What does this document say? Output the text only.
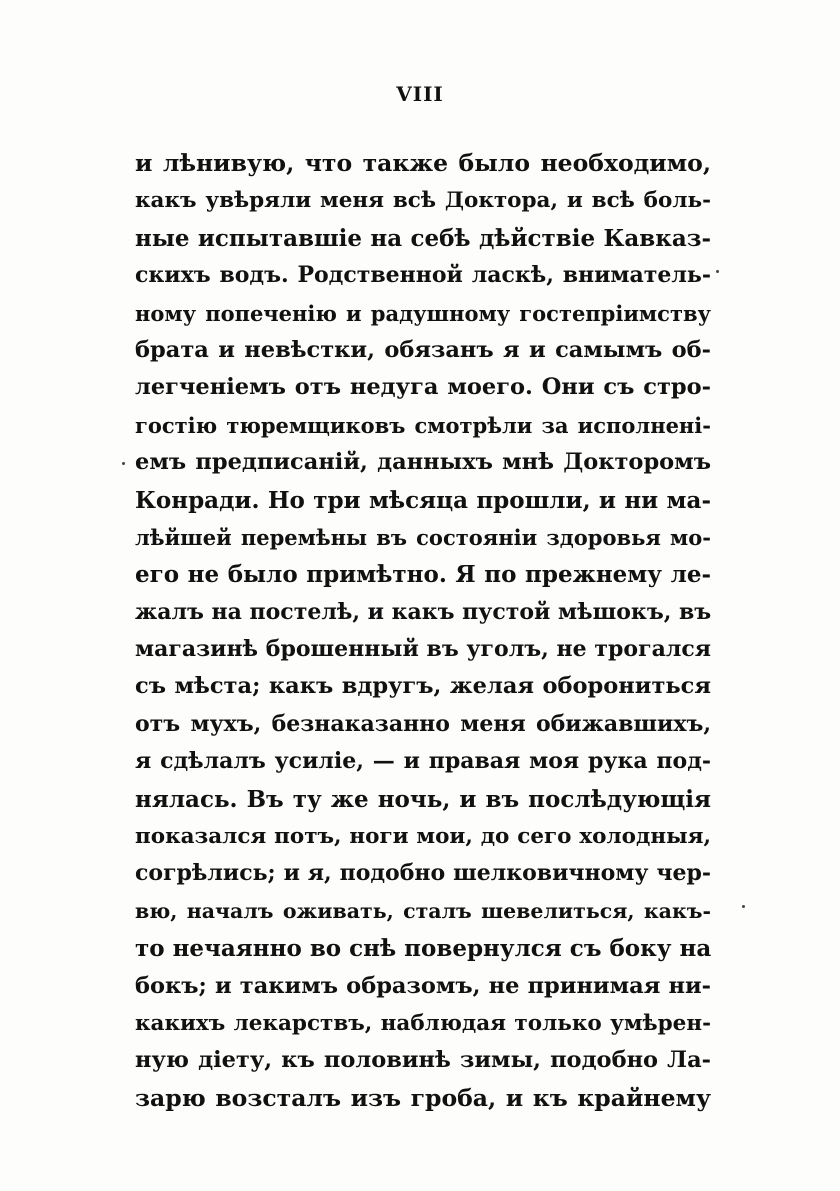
VIII
и лѣнивую, что также было необходимо,
какъ увѣряли меня всѣ Доктора, и всѣ боль-
ные испытавшіе на себѣ дѣйствіе Кавказ-
скихъ водъ. Родственной ласкѣ, вниматель-
ному попеченію и радушному гостепріимству
брата и невѣстки, обязанъ я и самымъ об-
легченіемъ отъ недуга моего. Они съ стро-
гостію тюремщиковъ смотрѣли за исполненi-
емъ предписаній, данныхъ мнѣ Докторомъ
Конради. Но три мѣсяца прошли, и ни ма-
лѣйшей перемѣны въ состояніи здоровья мо-
его не было примѣтно. Я по прежнему ле-
жалъ на постелѣ, и какъ пустой мѣшокъ, въ
магазинѣ брошенный въ уголъ, не трогался
съ мѣста; какъ вдругъ, желая оборониться
отъ мухъ, безнаказанно меня обижавшихъ,
я сдѣлалъ усиліе, — и правая моя рука под-
нялась. Въ ту же ночь, и въ послѣдующія
показался потъ, ноги мои, до сего холодныя,
согрѣлись; и я, подобно шелковичному чер-
вю, началъ оживать, сталъ шевелиться, какъ-
то нечаянно во снѣ повернулся съ боку на
бокъ; и такимъ образомъ, не принимая ни-
какихъ лекарствъ, наблюдая только умѣрен-
ную діету, къ половинѣ зимы, подобно Ла-
зарю возсталъ изъ гроба, и къ крайнему
